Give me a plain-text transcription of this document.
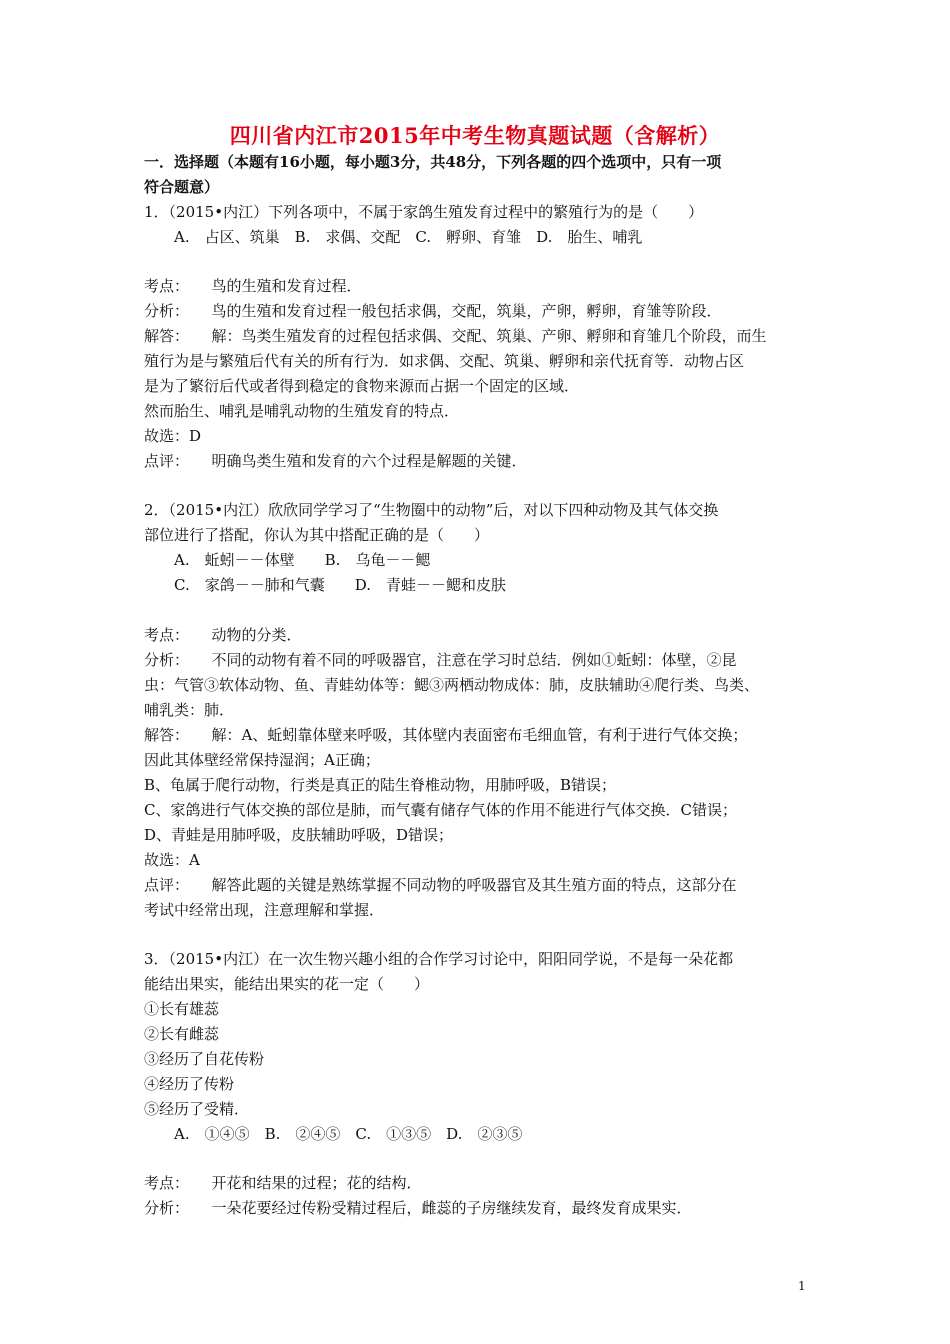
四川省内江市2015年中考生物真题试题（含解析）
一．选择题（本题有16小题，每小题3分，共48分，下列各题的四个选项中，只有一项
符合题意）
1．（2015•内江）下列各项中，不属于家鸽生殖发育过程中的繁殖行为的是（　　）
A.　占区、筑巢　B.　求偶、交配　C.　孵卵、育雏　D.　胎生、哺乳
考点：　　鸟的生殖和发育过程．
分析：　　鸟的生殖和发育过程一般包括求偶，交配，筑巢，产卵，孵卵，育雏等阶段．
解答：　　解：鸟类生殖发育的过程包括求偶、交配、筑巢、产卵、孵卵和育雏几个阶段，而生
殖行为是与繁殖后代有关的所有行为．如求偶、交配、筑巢、孵卵和亲代抚育等．动物占区
是为了繁衍后代或者得到稳定的食物来源而占据一个固定的区域．
然而胎生、哺乳是哺乳动物的生殖发育的特点．
故选：D
点评：　　明确鸟类生殖和发育的六个过程是解题的关键．
2．（2015•内江）欣欣同学学习了“生物圈中的动物”后，对以下四种动物及其气体交换
部位进行了搭配，你认为其中搭配正确的是（　　）
A.　蚯蚓－－体壁　　B.　乌龟－－鳃
C.　家鸽－－肺和气囊　　D.　青蛙－－鳃和皮肤
考点：　　动物的分类．
分析：　　不同的动物有着不同的呼吸器官，注意在学习时总结．例如①蚯蚓：体壁，②昆
虫：气管③软体动物、鱼、青蛙幼体等：鳃③两栖动物成体：肺，皮肤辅助④爬行类、鸟类、
哺乳类：肺．
解答：　　解：A、蚯蚓靠体壁来呼吸，其体壁内表面密布毛细血管，有利于进行气体交换；
因此其体壁经常保持湿润；A正确；
B、龟属于爬行动物，行类是真正的陆生脊椎动物，用肺呼吸，B错误；
C、家鸽进行气体交换的部位是肺，而气囊有储存气体的作用不能进行气体交换．C错误；
D、青蛙是用肺呼吸，皮肤辅助呼吸，D错误；
故选：A
点评：　　解答此题的关键是熟练掌握不同动物的呼吸器官及其生殖方面的特点，这部分在
考试中经常出现，注意理解和掌握．
3．（2015•内江）在一次生物兴趣小组的合作学习讨论中，阳阳同学说，不是每一朵花都
能结出果实，能结出果实的花一定（　　）
①长有雄蕊
②长有雌蕊
③经历了自花传粉
④经历了传粉
⑤经历了受精．
A.　①④⑤　B.　②④⑤　C.　①③⑤　D.　②③⑤
考点：　　开花和结果的过程；花的结构．
分析：　　一朵花要经过传粉受精过程后，雌蕊的子房继续发育，最终发育成果实．
1
